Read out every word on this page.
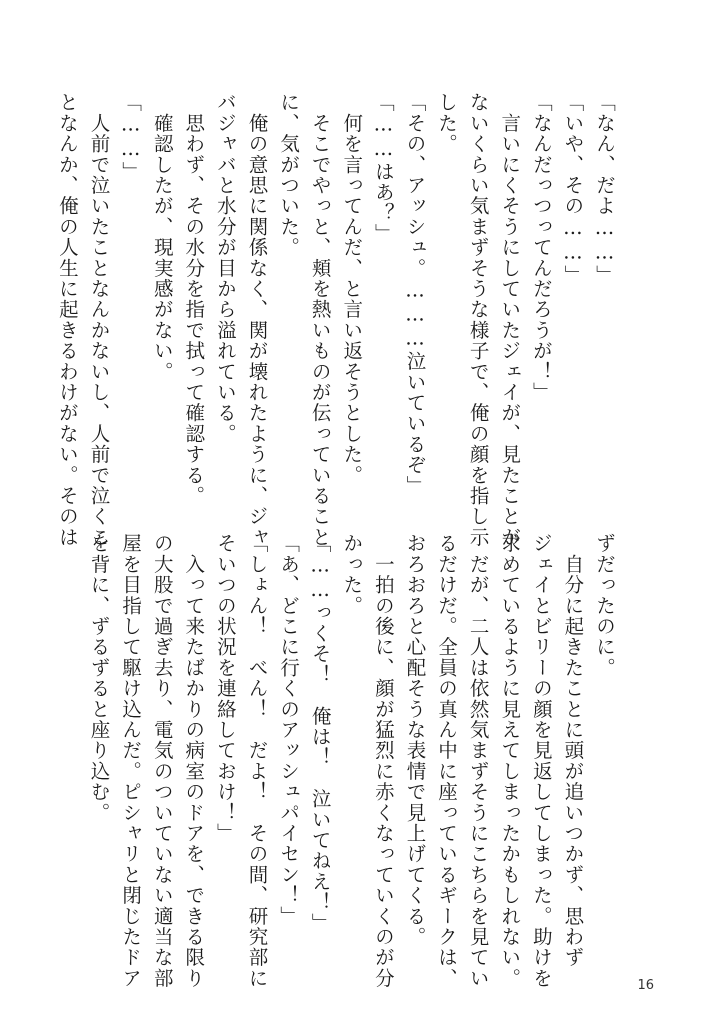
「なん、だよ……」

「いや、その……」

「なんだっつってんだろうが！」

　言いにくそうにしていたジェイが、見たことが

ないくらい気まずそうな様子で、俺の顔を指し示

した。

「その、アッシュ。………泣いているぞ」

「……はあ？」

　何を言ってんだ、と言い返そうとした。

　そこでやっと、頬を熱いものが伝っていること

に、気がついた。

　俺の意思に関係なく、関が壊れたように、ジャ

バジャバと水分が目から溢れている。

　思わず、その水分を指で拭って確認する。

　確認したが、現実感がない。

「……」

　人前で泣いたことなんかないし、人前で泣くこ

となんか、俺の人生に起きるわけがない。そのは

ずだったのに。

　自分に起きたことに頭が追いつかず、思わず

ジェイとビリーの顔を見返してしまった。助けを

求めているように見えてしまったかもしれない。

　だが、二人は依然気まずそうにこちらを見てい

るだけだ。全員の真ん中に座っているギークは、

おろおろと心配そうな表情で見上げてくる。

　一拍の後に、顔が猛烈に赤くなっていくのが分

かった。

「……っくそ！　俺は！　泣いてねえ！」

「あ、どこに行くのアッシュパイセン！」

「しょん！　べん！　だよ！　その間、研究部に

そいつの状況を連絡しておけ！」

　入って来たばかりの病室のドアを、できる限り

の大股で過ぎ去り、電気のついていない適当な部

屋を目指して駆け込んだ。ピシャリと閉じたドア

を背に、ずるずると座り込む。

16
